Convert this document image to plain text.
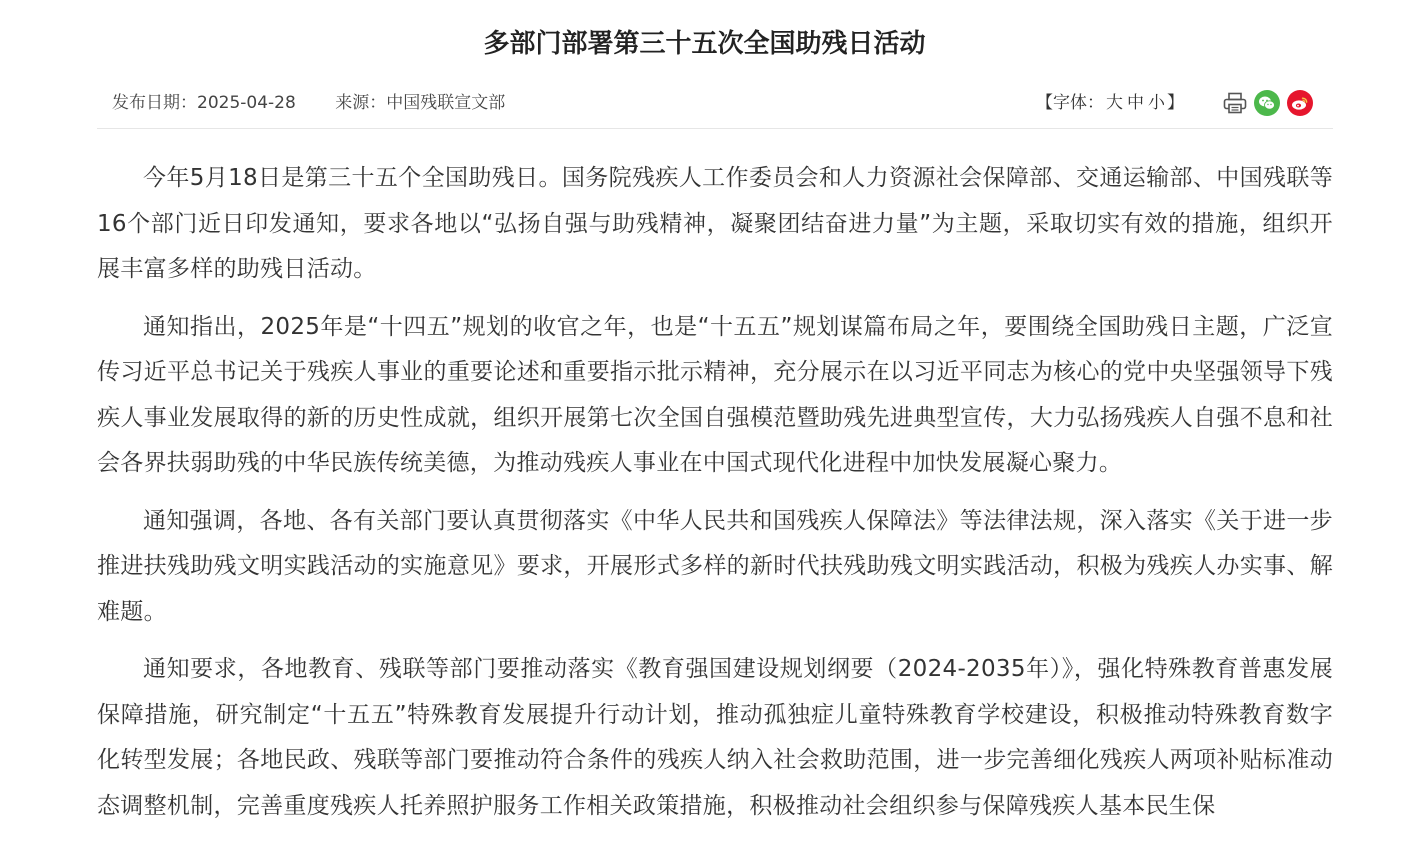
多部门部署第三十五次全国助残日活动
发布日期：2025-04-28 来源：中国残联宣文部	【字体： 大 中 小 】

今年5月18日是第三十五个全国助残日。国务院残疾人工作委员会和人力资源社会保障部、交通运输部、中国残联等16个部门近日印发通知，要求各地以“弘扬自强与助残精神，凝聚团结奋进力量”为主题，采取切实有效的措施，组织开展丰富多样的助残日活动。

通知指出，2025年是“十四五”规划的收官之年，也是“十五五”规划谋篇布局之年，要围绕全国助残日主题，广泛宣传习近平总书记关于残疾人事业的重要论述和重要指示批示精神，充分展示在以习近平同志为核心的党中央坚强领导下残疾人事业发展取得的新的历史性成就，组织开展第七次全国自强模范暨助残先进典型宣传，大力弘扬残疾人自强不息和社会各界扶弱助残的中华民族传统美德，为推动残疾人事业在中国式现代化进程中加快发展凝心聚力。

通知强调，各地、各有关部门要认真贯彻落实《中华人民共和国残疾人保障法》等法律法规，深入落实《关于进一步推进扶残助残文明实践活动的实施意见》要求，开展形式多样的新时代扶残助残文明实践活动，积极为残疾人办实事、解难题。

通知要求，各地教育、残联等部门要推动落实《教育强国建设规划纲要（2024-2035年）》，强化特殊教育普惠发展保障措施，研究制定“十五五”特殊教育发展提升行动计划，推动孤独症儿童特殊教育学校建设，积极推动特殊教育数字化转型发展；各地民政、残联等部门要推动符合条件的残疾人纳入社会救助范围，进一步完善细化残疾人两项补贴标准动态调整机制，完善重度残疾人托养照护服务工作相关政策措施，积极推动社会组织参与保障残疾人基本民生保
